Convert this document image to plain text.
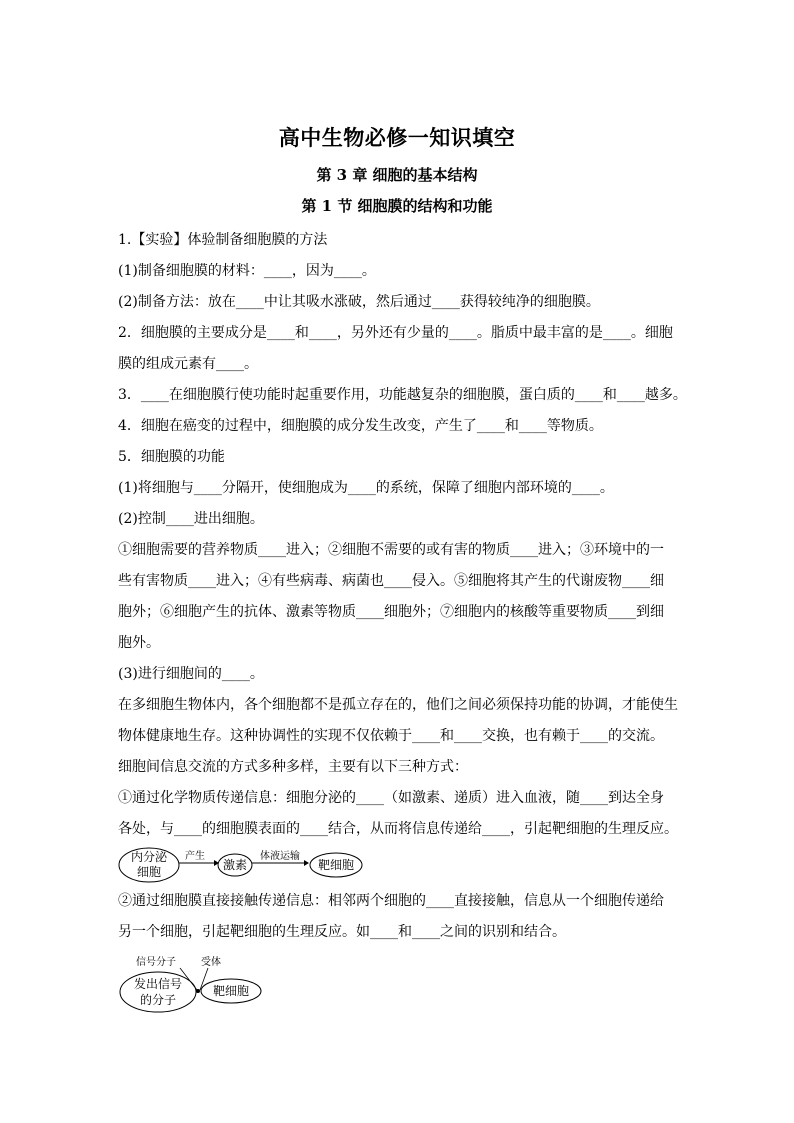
高中生物必修一知识填空
第 3 章 细胞的基本结构
第 1 节 细胞膜的结构和功能

1.【实验】体验制备细胞膜的方法

(1)制备细胞膜的材料：____，因为____。

(2)制备方法：放在____中让其吸水涨破，然后通过____获得较纯净的细胞膜。

2．细胞膜的主要成分是____和____，另外还有少量的____。脂质中最丰富的是____。细胞

膜的组成元素有____。

3．____在细胞膜行使功能时起重要作用，功能越复杂的细胞膜，蛋白质的____和____越多。

4．细胞在癌变的过程中，细胞膜的成分发生改变，产生了____和____等物质。

5．细胞膜的功能

(1)将细胞与____分隔开，使细胞成为____的系统，保障了细胞内部环境的____。

(2)控制____进出细胞。

①细胞需要的营养物质____进入；②细胞不需要的或有害的物质____进入；③环境中的一

些有害物质____进入；④有些病毒、病菌也____侵入。⑤细胞将其产生的代谢废物____细

胞外；⑥细胞产生的抗体、激素等物质____细胞外；⑦细胞内的核酸等重要物质____到细

胞外。

(3)进行细胞间的____。

在多细胞生物体内，各个细胞都不是孤立存在的，他们之间必须保持功能的协调，才能使生

物体健康地生存。这种协调性的实现不仅依赖于____和____交换，也有赖于____的交流。

细胞间信息交流的方式多种多样，主要有以下三种方式：

①通过化学物质传递信息：细胞分泌的____（如激素、递质）进入血液，随____到达全身

各处，与____的细胞膜表面的____结合，从而将信息传递给____，引起靶细胞的生理反应。

内分泌
细胞
产生
激素
体液运输
靶细胞

②通过细胞膜直接接触传递信息：相邻两个细胞的____直接接触，信息从一个细胞传递给

另一个细胞，引起靶细胞的生理反应。如____和____之间的识别和结合。

信号分子	受体
发出信号
的分子
靶细胞
